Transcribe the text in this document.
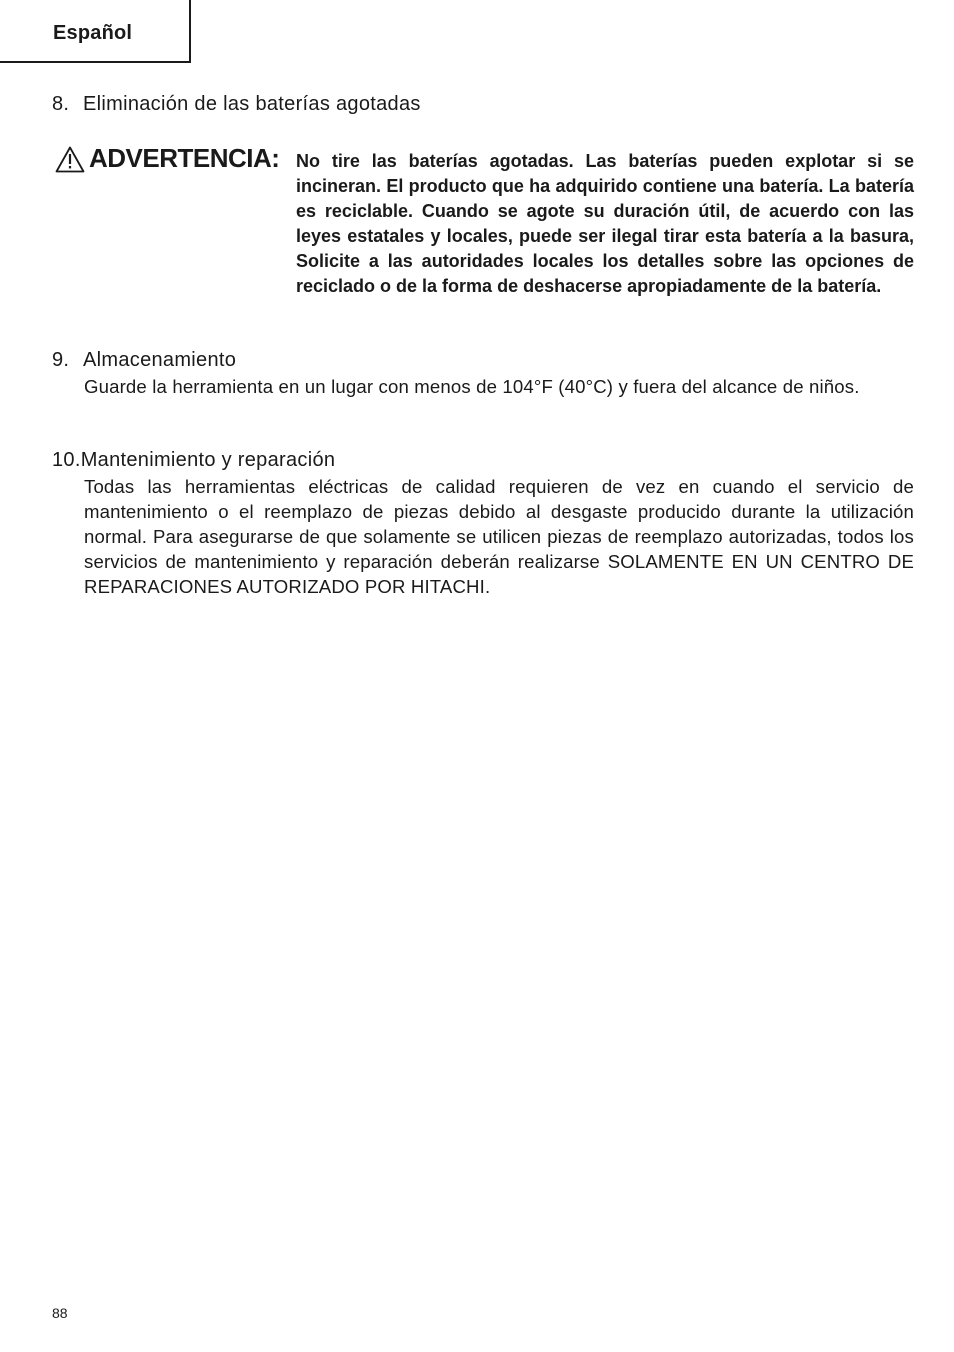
Español
8. Eliminación de las baterías agotadas
ADVERTENCIA: No tire las baterías agotadas. Las baterías pueden explotar si se incineran. El producto que ha adquirido contiene una batería. La batería es reciclable. Cuando se agote su duración útil, de acuerdo con las leyes estatales y locales, puede ser ilegal tirar esta batería a la basura, Solicite a las autoridades locales los detalles sobre las opciones de reciclado o de la forma de deshacerse apropiadamente de la batería.

9. Almacenamiento

Guarde la herramienta en un lugar con menos de 104°F (40°C) y fuera del alcance de niños.

10.Mantenimiento y reparación

Todas las herramientas eléctricas de calidad requieren de vez en cuando el servicio de mantenimiento o el reemplazo de piezas debido al desgaste producido durante la utilización normal. Para asegurarse de que solamente se utilicen piezas de reemplazo autorizadas, todos los servicios de mantenimiento y reparación deberán realizarse SOLAMENTE EN UN CENTRO DE REPARACIONES AUTORIZADO POR HITACHI.

88
